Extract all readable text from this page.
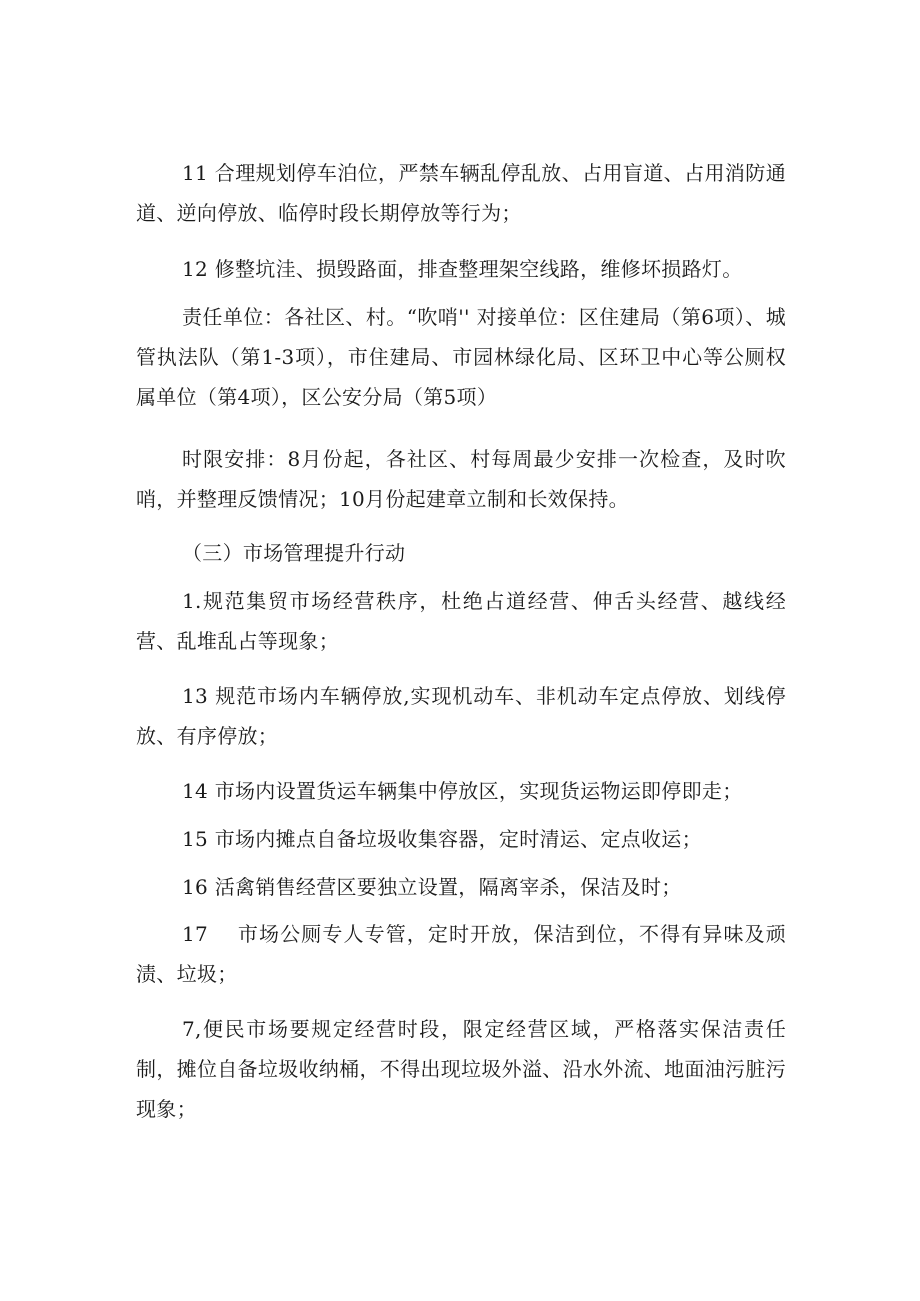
11 合理规划停车泊位，严禁车辆乱停乱放、占用盲道、占用消防通道、逆向停放、临停时段长期停放等行为；

12 修整坑洼、损毁路面，排查整理架空线路，维修坏损路灯。

责任单位：各社区、村。“吹哨'' 对接单位：区住建局（第6项）、城管执法队（第1-3项），市住建局、市园林绿化局、区环卫中心等公厕权属单位（第4项），区公安分局（第5项）

时限安排：8月份起，各社区、村每周最少安排一次检查，及时吹哨，并整理反馈情况；10月份起建章立制和长效保持。

（三）市场管理提升行动

1.规范集贸市场经营秩序，杜绝占道经营、伸舌头经营、越线经营、乱堆乱占等现象；

13 规范市场内车辆停放,实现机动车、非机动车定点停放、划线停放、有序停放；

14 市场内设置货运车辆集中停放区，实现货运物运即停即走；

15 市场内摊点自备垃圾收集容器，定时清运、定点收运；

16 活禽销售经营区要独立设置，隔离宰杀，保洁及时；

17    市场公厕专人专管，定时开放，保洁到位，不得有异味及顽渍、垃圾；

7,便民市场要规定经营时段，限定经营区域，严格落实保洁责任制，摊位自备垃圾收纳桶，不得出现垃圾外溢、沿水外流、地面油污脏污现象；
